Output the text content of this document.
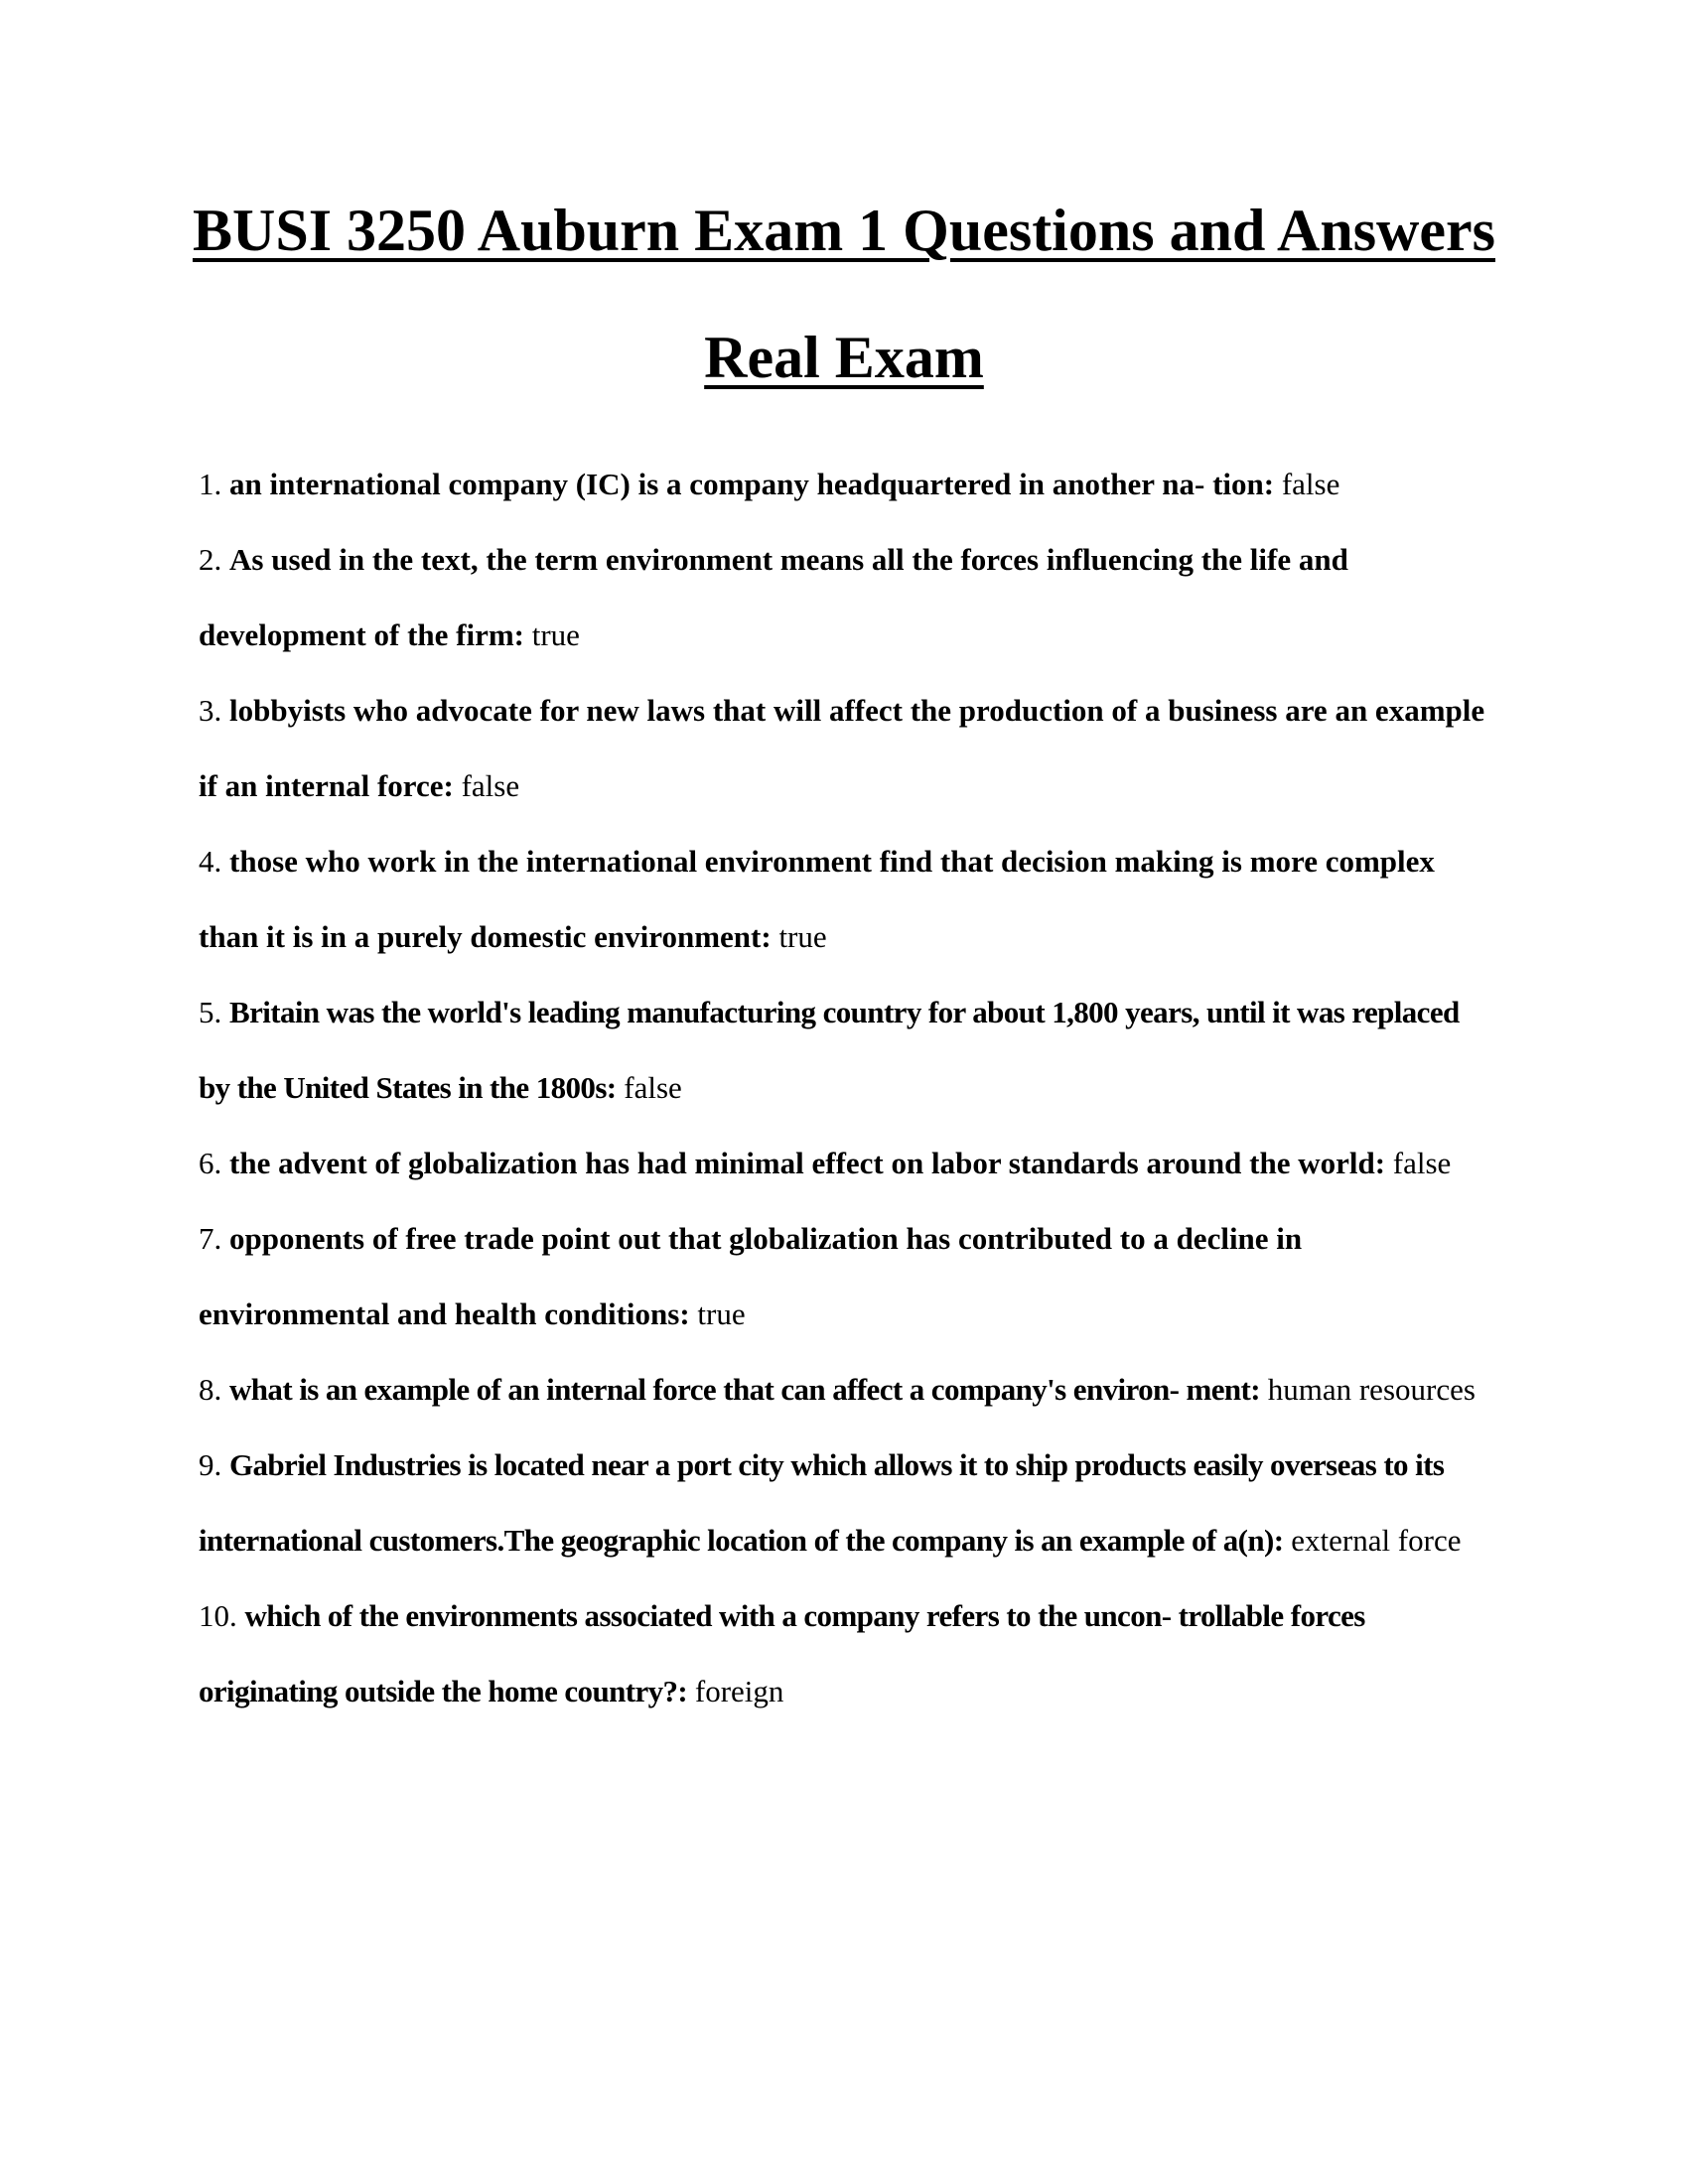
BUSI 3250 Auburn Exam 1 Questions and Answers
Real Exam
1. an international company (IC) is a company headquartered in another na- tion: false
2. As used in the text, the term environment means all the forces influencing the life and development of the firm: true
3. lobbyists who advocate for new laws that will affect the production of a business are an example if an internal force: false
4. those who work in the international environment find that decision making is more complex than it is in a purely domestic environment: true
5. Britain was the world's leading manufacturing country for about 1,800 years, until it was replaced by the United States in the 1800s: false
6. the advent of globalization has had minimal effect on labor standards around the world: false
7. opponents of free trade point out that globalization has contributed to a decline in environmental and health conditions: true
8. what is an example of an internal force that can affect a company's environ- ment: human resources
9. Gabriel Industries is located near a port city which allows it to ship products easily overseas to its international customers.The geographic location of the company is an example of a(n): external force
10. which of the environments associated with a company refers to the uncon- trollable forces originating outside the home country?: foreign
